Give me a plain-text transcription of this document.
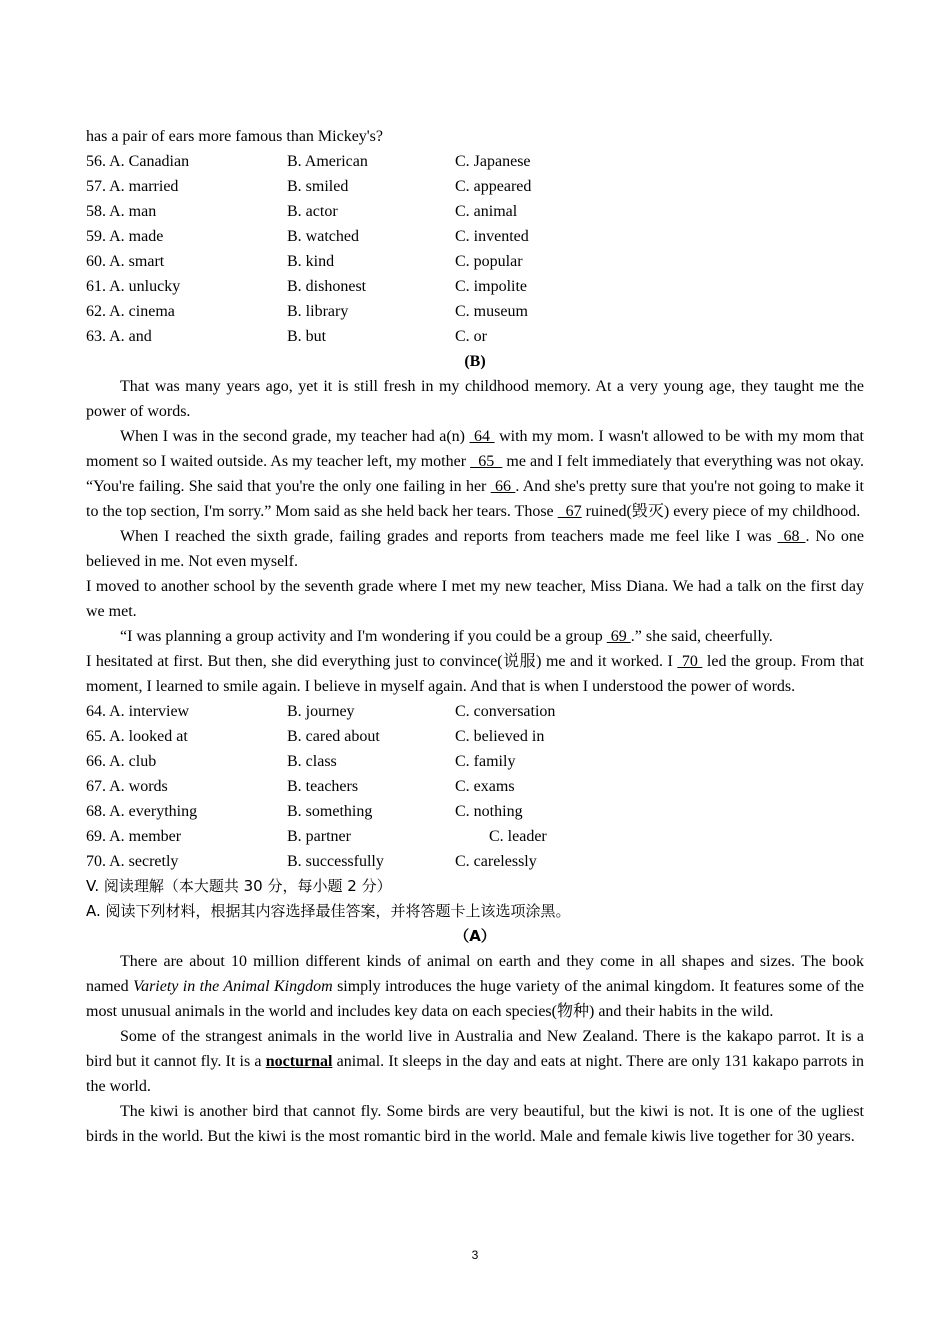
has a pair of ears more famous than Mickey's?
56. A. Canadian	B. American	C. Japanese
57. A. married	B. smiled	C. appeared
58. A. man	B. actor	C. animal
59. A. made	B. watched	C. invented
60. A. smart	B. kind	C. popular
61. A. unlucky	B. dishonest	C. impolite
62. A. cinema	B. library	C. museum
63. A. and	B. but	C. or
(B)

That was many years ago, yet it is still fresh in my childhood memory. At a very young age, they taught me the power of words.

When I was in the second grade, my teacher had a(n)  64  with my mom. I wasn't allowed to be with my mom that moment so I waited outside. As my teacher left, my mother   65   me and I felt immediately that everything was not okay. “You're failing. She said that you're the only one failing in her  66 . And she's pretty sure that you're not going to make it to the top section, I'm sorry.” Mom said as she held back her tears. Those   67 ruined(毁灭) every piece of my childhood.

When I reached the sixth grade, failing grades and reports from teachers made me feel like I was  68 . No one believed in me. Not even myself.

I moved to another school by the seventh grade where I met my new teacher, Miss Diana. We had a talk on the first day we met.

“I was planning a group activity and I'm wondering if you could be a group  69 .” she said, cheerfully.

I hesitated at first. But then, she did everything just to convince(说服) me and it worked. I  70  led the group. From that moment, I learned to smile again. I believe in myself again. And that is when I understood the power of words.

64. A. interview	B. journey	C. conversation
65. A. looked at	B. cared about	C. believed in
66. A. club	B. class	C. family
67. A. words	B. teachers	C. exams
68. A. everything	B. something	C. nothing
69. A. member	B. partner	C. leader
70. A. secretly	B. successfully	C. carelessly
V. 阅读理解（本大题共 30 分，每小题 2 分）
A. 阅读下列材料，根据其内容选择最佳答案，并将答题卡上该选项涂黑。
（A）

There are about 10 million different kinds of animal on earth and they come in all shapes and sizes. The book named Variety in the Animal Kingdom simply introduces the huge variety of the animal kingdom. It features some of the most unusual animals in the world and includes key data on each species(物种) and their habits in the wild.

Some of the strangest animals in the world live in Australia and New Zealand. There is the kakapo parrot. It is a bird but it cannot fly. It is a nocturnal animal. It sleeps in the day and eats at night. There are only 131 kakapo parrots in the world.

The kiwi is another bird that cannot fly. Some birds are very beautiful, but the kiwi is not. It is one of the ugliest birds in the world. But the kiwi is the most romantic bird in the world. Male and female kiwis live together for 30 years.

3
